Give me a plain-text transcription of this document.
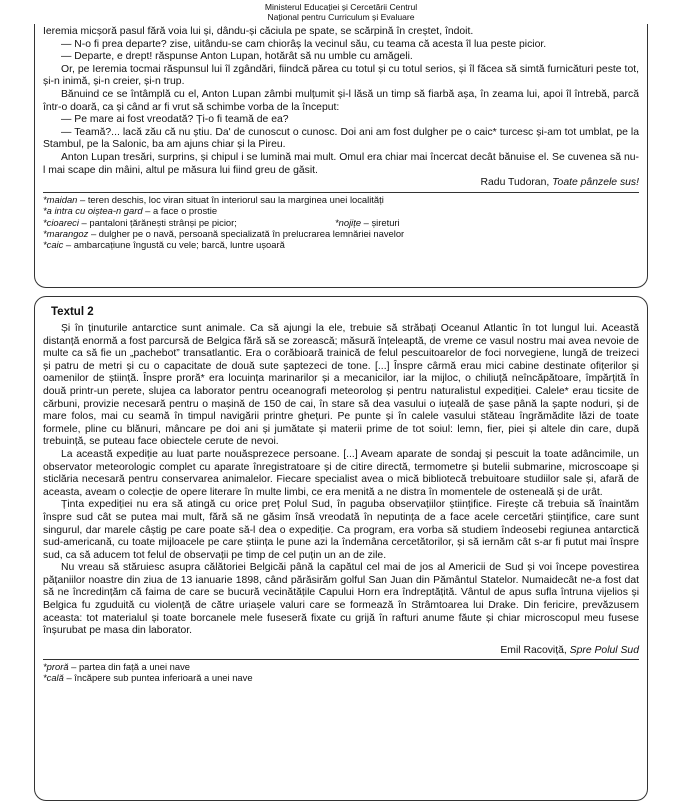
Ministerul Educației și Cercetării Centrul
Național pentru Curriculum și Evaluare

Ieremia micșoră pasul fără voia lui și, dându-și căciula pe spate, se scărpină în creștet, îndoit.

— N-o fi prea departe? zise, uitându-se cam chiorâș la vecinul său, cu teama că acesta îl lua peste picior.

— Departe, e drept! răspunse Anton Lupan, hotărât să nu umble cu amăgeli.

Or, pe Ieremia tocmai răspunsul lui îl zgândări, fiindcă părea cu totul și cu totul serios, și îl făcea să simtă furnicături peste tot, și-n inimă, și-n creier, și-n trup.

Bănuind ce se întâmplă cu el, Anton Lupan zâmbi mulțumit și-l lăsă un timp să fiarbă așa, în zeama lui, apoi îl întrebă, parcă într-o doară, ca și când ar fi vrut să schimbe vorba de la început:

— Pe mare ai fost vreodată? Ți-o fi teamă de ea?

— Teamă?... lacă zău că nu știu. Da' de cunoscut o cunosc. Doi ani am fost dulgher pe o caic* turcesc și-am tot umblat, pe la Stambul, pe la Salonic, ba am ajuns chiar și la Pireu.

Anton Lupan tresări, surprins, și chipul i se lumină mai mult. Omul era chiar mai încercat decât bănuise el. Se cuvenea să nu-l mai scape din mâini, altul pe măsura lui fiind greu de găsit.

Radu Tudoran, Toate pânzele sus!

*maidan – teren deschis, loc viran situat în interiorul sau la marginea unei localități

*a intra cu oiștea-n gard – a face o prostie

*cioareci – pantaloni țărănești strânși pe picior;	*nojițe – șireturi

*marangoz – dulgher pe o navă, persoană specializată în prelucrarea lemnăriei navelor

*caic – ambarcațiune îngustă cu vele; barcă, luntre ușoară

Textul 2

Și în ținuturile antarctice sunt animale. Ca să ajungi la ele, trebuie să străbați Oceanul Atlantic în tot lungul lui. Această distanță enormă a fost parcursă de Belgica fără să se zorească; măsură înțeleaptă, de vreme ce vasul nostru mai avea nevoie de multe ca să fie un „pachebot” transatlantic. Era o corăbioară trainică de felul pescuitoarelor de foci norvegiene, lungă de treizeci și patru de metri și cu o capacitate de două sute șaptezeci de tone. [...] Înspre cârmă erau mici cabine destinate ofițerilor și oamenilor de știință. Înspre proră* era locuința marinarilor și a mecanicilor, iar la mijloc, o chiliuță neîncăpătoare, împărțită în două printr-un perete, slujea ca laborator pentru oceanografi meteorolog și pentru naturalistul expediției. Calele* erau ticsite de cărbuni, provizie necesară pentru o mașină de 150 de cai, în stare să dea vasului o iuțeală de șase până la șapte noduri, și de mare folos, mai cu seamă în timpul navigării printre ghețuri. Pe punte și în calele vasului stăteau îngrămădite lăzi de toate formele, pline cu blănuri, mâncare pe doi ani și jumătate și materii prime de tot soiul: lemn, fier, piei și altele din care, după trebuință, se puteau face obiectele cerute de nevoi.

La această expediție au luat parte nouăsprezece persoane. [...] Aveam aparate de sondaj și pescuit la toate adâncimile, un observator meteorologic complet cu aparate înregistratoare și de citire directă, termometre și butelii submarine, microscoape și sticlăria necesară pentru conservarea animalelor. Fiecare specialist avea o mică bibliotecă trebuitoare studiilor sale și, afară de aceasta, aveam o colecție de opere literare în multe limbi, ce era menită a ne distra în momentele de osteneală și de urât.

Ținta expediției nu era să atingă cu orice preț Polul Sud, în paguba observațiilor științifice. Firește că trebuia să înaintăm înspre sud cât se putea mai mult, fără să ne găsim însă vreodată în neputința de a face acele cercetări științifice, care sunt singurul, dar marele câștig pe care poate să-l dea o expediție. Ca program, era vorba să studiem îndeosebi regiunea antarctică sud-americană, cu toate mijloacele pe care știința le pune azi la îndemâna cercetătorilor, și să iernăm cât s-ar fi putut mai înspre sud, ca să aducem tot felul de observații pe timp de cel puțin un an de zile.

Nu vreau să stăruiesc asupra călătoriei Belgicăi până la capătul cel mai de jos al Americii de Sud și voi începe povestirea pățaniilor noastre din ziua de 13 ianuarie 1898, când părăsirăm golful San Juan din Pământul Statelor. Numaidecât ne-a fost dat să ne încredințăm că faima de care se bucură vecinătățile Capului Horn era îndreptățită. Vântul de apus sufla întruna vijelios și Belgica fu zguduită cu violență de către uriașele valuri care se formează în Strâmtoarea lui Drake. Din fericire, prevăzusem aceasta: tot materialul și toate borcanele mele fuseseră fixate cu grijă în rafturi anume făute și chiar microscopul meu fusese înșurubat pe masa din laborator.

Emil Racoviță, Spre Polul Sud

*proră – partea din față a unei nave

*cală – încăpere sub puntea inferioară a unei nave
